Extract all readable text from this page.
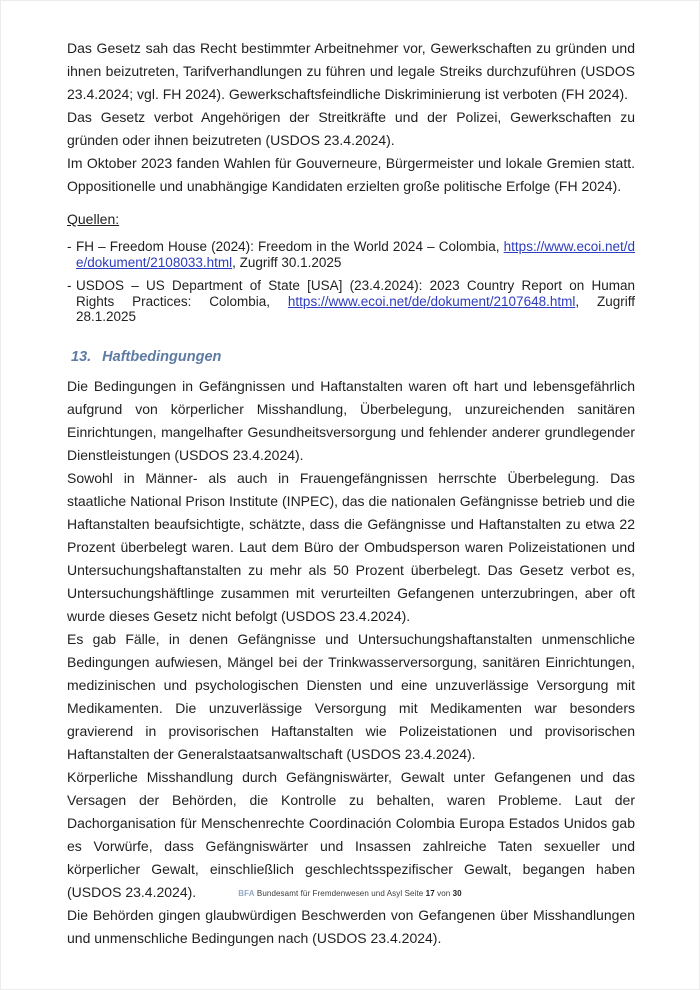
Das Gesetz sah das Recht bestimmter Arbeitnehmer vor, Gewerkschaften zu gründen und ihnen beizutreten, Tarifverhandlungen zu führen und legale Streiks durchzuführen (USDOS 23.4.2024; vgl. FH 2024). Gewerkschaftsfeindliche Diskriminierung ist verboten (FH 2024).

Das Gesetz verbot Angehörigen der Streitkräfte und der Polizei, Gewerkschaften zu gründen oder ihnen beizutreten (USDOS 23.4.2024).

Im Oktober 2023 fanden Wahlen für Gouverneure, Bürgermeister und lokale Gremien statt. Oppositionelle und unabhängige Kandidaten erzielten große politische Erfolge (FH 2024).

Quellen:
- FH – Freedom House (2024): Freedom in the World 2024 – Colombia, https://www.ecoi.net/de/dokument/2108033.html, Zugriff 30.1.2025
- USDOS – US Department of State [USA] (23.4.2024): 2023 Country Report on Human Rights Practices: Colombia, https://www.ecoi.net/de/dokument/2107648.html, Zugriff 28.1.2025
13. Haftbedingungen

Die Bedingungen in Gefängnissen und Haftanstalten waren oft hart und lebensgefährlich aufgrund von körperlicher Misshandlung, Überbelegung, unzureichenden sanitären Einrichtungen, mangelhafter Gesundheitsversorgung und fehlender anderer grundlegender Dienstleistungen (USDOS 23.4.2024).

Sowohl in Männer- als auch in Frauengefängnissen herrschte Überbelegung. Das staatliche National Prison Institute (INPEC), das die nationalen Gefängnisse betrieb und die Haftanstalten beaufsichtigte, schätzte, dass die Gefängnisse und Haftanstalten zu etwa 22 Prozent überbelegt waren. Laut dem Büro der Ombudsperson waren Polizeistationen und Untersuchungshaftanstalten zu mehr als 50 Prozent überbelegt. Das Gesetz verbot es, Untersuchungshäftlinge zusammen mit verurteilten Gefangenen unterzubringen, aber oft wurde dieses Gesetz nicht befolgt (USDOS 23.4.2024).

Es gab Fälle, in denen Gefängnisse und Untersuchungshaftanstalten unmenschliche Bedingungen aufwiesen, Mängel bei der Trinkwasserversorgung, sanitären Einrichtungen, medizinischen und psychologischen Diensten und eine unzuverlässige Versorgung mit Medikamenten. Die unzuverlässige Versorgung mit Medikamenten war besonders gravierend in provisorischen Haftanstalten wie Polizeistationen und provisorischen Haftanstalten der Generalstaatsanwaltschaft (USDOS 23.4.2024).

Körperliche Misshandlung durch Gefängniswärter, Gewalt unter Gefangenen und das Versagen der Behörden, die Kontrolle zu behalten, waren Probleme. Laut der Dachorganisation für Menschenrechte Coordinación Colombia Europa Estados Unidos gab es Vorwürfe, dass Gefängniswärter und Insassen zahlreiche Taten sexueller und körperlicher Gewalt, einschließlich geschlechtsspezifischer Gewalt, begangen haben (USDOS 23.4.2024).

Die Behörden gingen glaubwürdigen Beschwerden von Gefangenen über Misshandlungen und unmenschliche Bedingungen nach (USDOS 23.4.2024).

BFA Bundesamt für Fremdenwesen und Asyl Seite 17 von 30
